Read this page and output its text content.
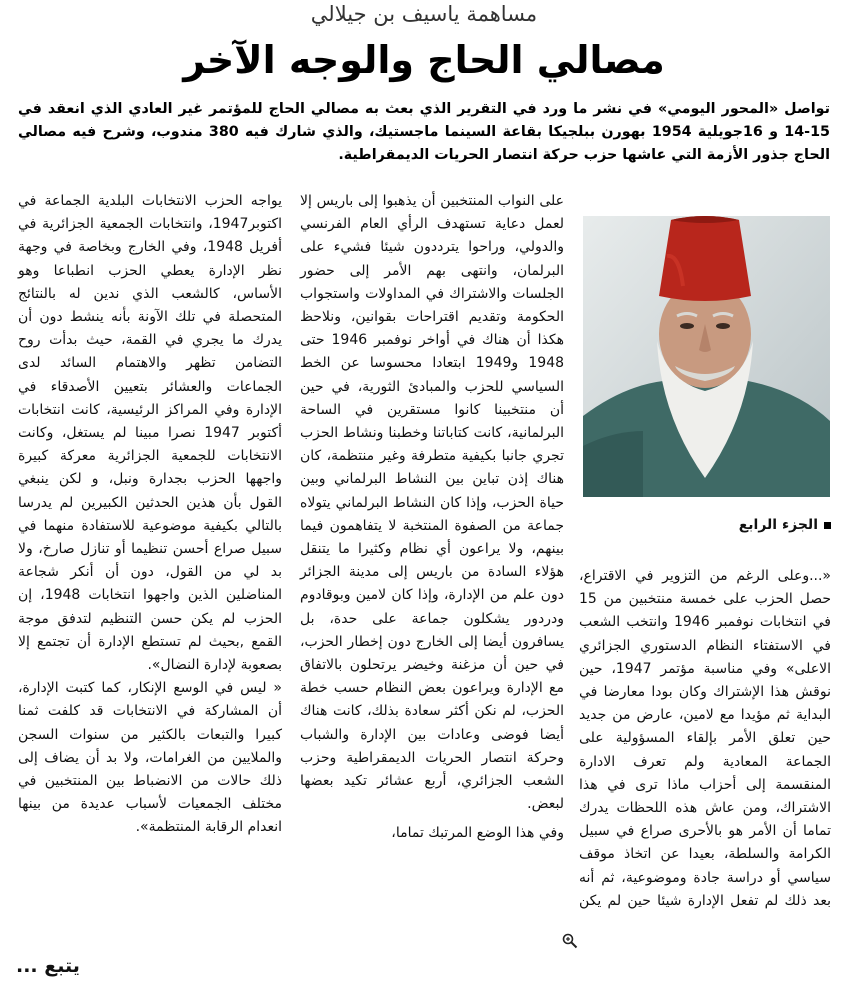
مساهمة ياسيف بن جيلالي
مصالي الحاج والوجه الآخر
تواصل «المحور اليومي» في نشر ما ورد في التقرير الذي بعث به مصالي الحاج للمؤتمر غير العادي الذي انعقد في 15-14 و 16جويلية 1954 بهورن ببلجيكا بقاعة السينما ماجستيك، والذي شارك فيه 380 مندوب، وشرح فيه مصالي الحاج جذور الأزمة التي عاشها حزب حركة انتصار الحريات الديمقراطية.
الجزء الرابع

«...وعلى الرغم من التزوير في الاقتراع، حصل الحزب على خمسة منتخبين من 15 في انتخابات نوفمبر 1946 وانتخب الشعب في الاستفتاء النظام الدستوري الجزائري الاعلى» وفي مناسبة مؤتمر 1947، حين نوقش هذا الإشتراك وكان بودا معارضا في البداية ثم مؤيدا مع لامين، عارض من جديد حين تعلق الأمر بإلقاء المسؤولية على الجماعة المعادية ولم تعرف الادارة المنقسمة إلى أحزاب ماذا ترى في هذا الاشتراك، ومن عاش هذه اللحظات يدرك تماما أن الأمر هو بالأحرى صراع في سبيل الكرامة والسلطة، بعيدا عن اتخاذ موقف سياسي أو دراسة جادة وموضوعية، ثم أنه بعد ذلك لم تفعل الإدارة شيئا حين لم يكن

على النواب المنتخبين أن يذهبوا إلى باريس إلا لعمل دعاية تستهدف الرأي العام الفرنسي والدولي، وراحوا يترددون شيئا فشيء على البرلمان، وانتهى بهم الأمر إلى حضور الجلسات والاشتراك في المداولات واستجواب الحكومة وتقديم اقتراحات بقوانين، ونلاحظ هكذا أن هناك في أواخر نوفمبر 1946 حتى 1948 و1949 ابتعادا محسوسا عن الخط السياسي للحزب والمبادئ الثورية، في حين أن منتخبينا كانوا مستقرين في الساحة البرلمانية، كانت كتاباتنا وخطبنا ونشاط الحزب تجري جانبا بكيفية متطرفة وغير منتظمة، كان هناك إذن تباين بين النشاط البرلماني وبين حياة الحزب، وإذا كان النشاط البرلماني يتولاه جماعة من الصفوة المنتخبة لا يتفاهمون فيما بينهم، ولا يراعون أي نظام وكثيرا ما يتنقل هؤلاء السادة من باريس إلى مدينة الجزائر دون علم من الإدارة، وإذا كان لامين وبوقادوم ودردور يشكلون جماعة على حدة، بل يسافرون أيضا إلى الخارج دون إخطار الحزب، في حين أن مزغنة وخيضر يرتحلون بالاتفاق مع الإدارة ويراعون بعض النظام حسب خطة الحزب، لم نكن أكثر سعادة بذلك، كانت هناك أيضا فوضى وعادات بين الإدارة والشباب وحركة انتصار الحريات الديمقراطية وحزب الشعب الجزائري، أربع عشائر تكيد بعضها لبعض.

وفي هذا الوضع المرتبك تماما،

يواجه الحزب الانتخابات البلدية الجماعة في اكتوبر1947، وانتخابات الجمعية الجزائرية في أفريل 1948، وفي الخارج وبخاصة في وجهة نظر الإدارة يعطي الحزب انطباعا وهو الأساس، كالشعب الذي ندين له بالنتائج المتحصلة في تلك الآونة بأنه ينشط دون أن يدرك ما يجري في القمة، حيث بدأت روح التضامن تظهر والاهتمام السائد لدى الجماعات والعشائر بتعيين الأصدقاء في الإدارة وفي المراكز الرئيسية، كانت انتخابات أكتوبر 1947 نصرا مبينا لم يستغل، وكانت الانتخابات للجمعية الجزائرية معركة كبيرة واجهها الحزب بجدارة ونبل، و لكن ينبغي القول بأن هذين الحدثين الكبيرين لم يدرسا بالتالي بكيفية موضوعية للاستفادة منهما في سبيل صراع أحسن تنظيما أو تنازل صارخ، ولا بد لي من القول، دون أن أنكر شجاعة المناضلين الذين واجهوا انتخابات 1948، إن الحزب لم يكن حسن التنظيم لتدفق موجة القمع ,بحيث لم تستطع الإدارة أن تجتمع إلا بصعوبة لإدارة النضال».

« ليس في الوسع الإنكار، كما كتبت الإدارة، أن المشاركة في الانتخابات قد كلفت ثمنا كبيرا والتبعات بالكثير من سنوات السجن والملايين من الغرامات، ولا بد أن يضاف إلى ذلك حالات من الانضباط بين المنتخبين في مختلف الجمعيات لأسباب عديدة من بينها انعدام الرقابة المنتظمة».

يتبع ...
